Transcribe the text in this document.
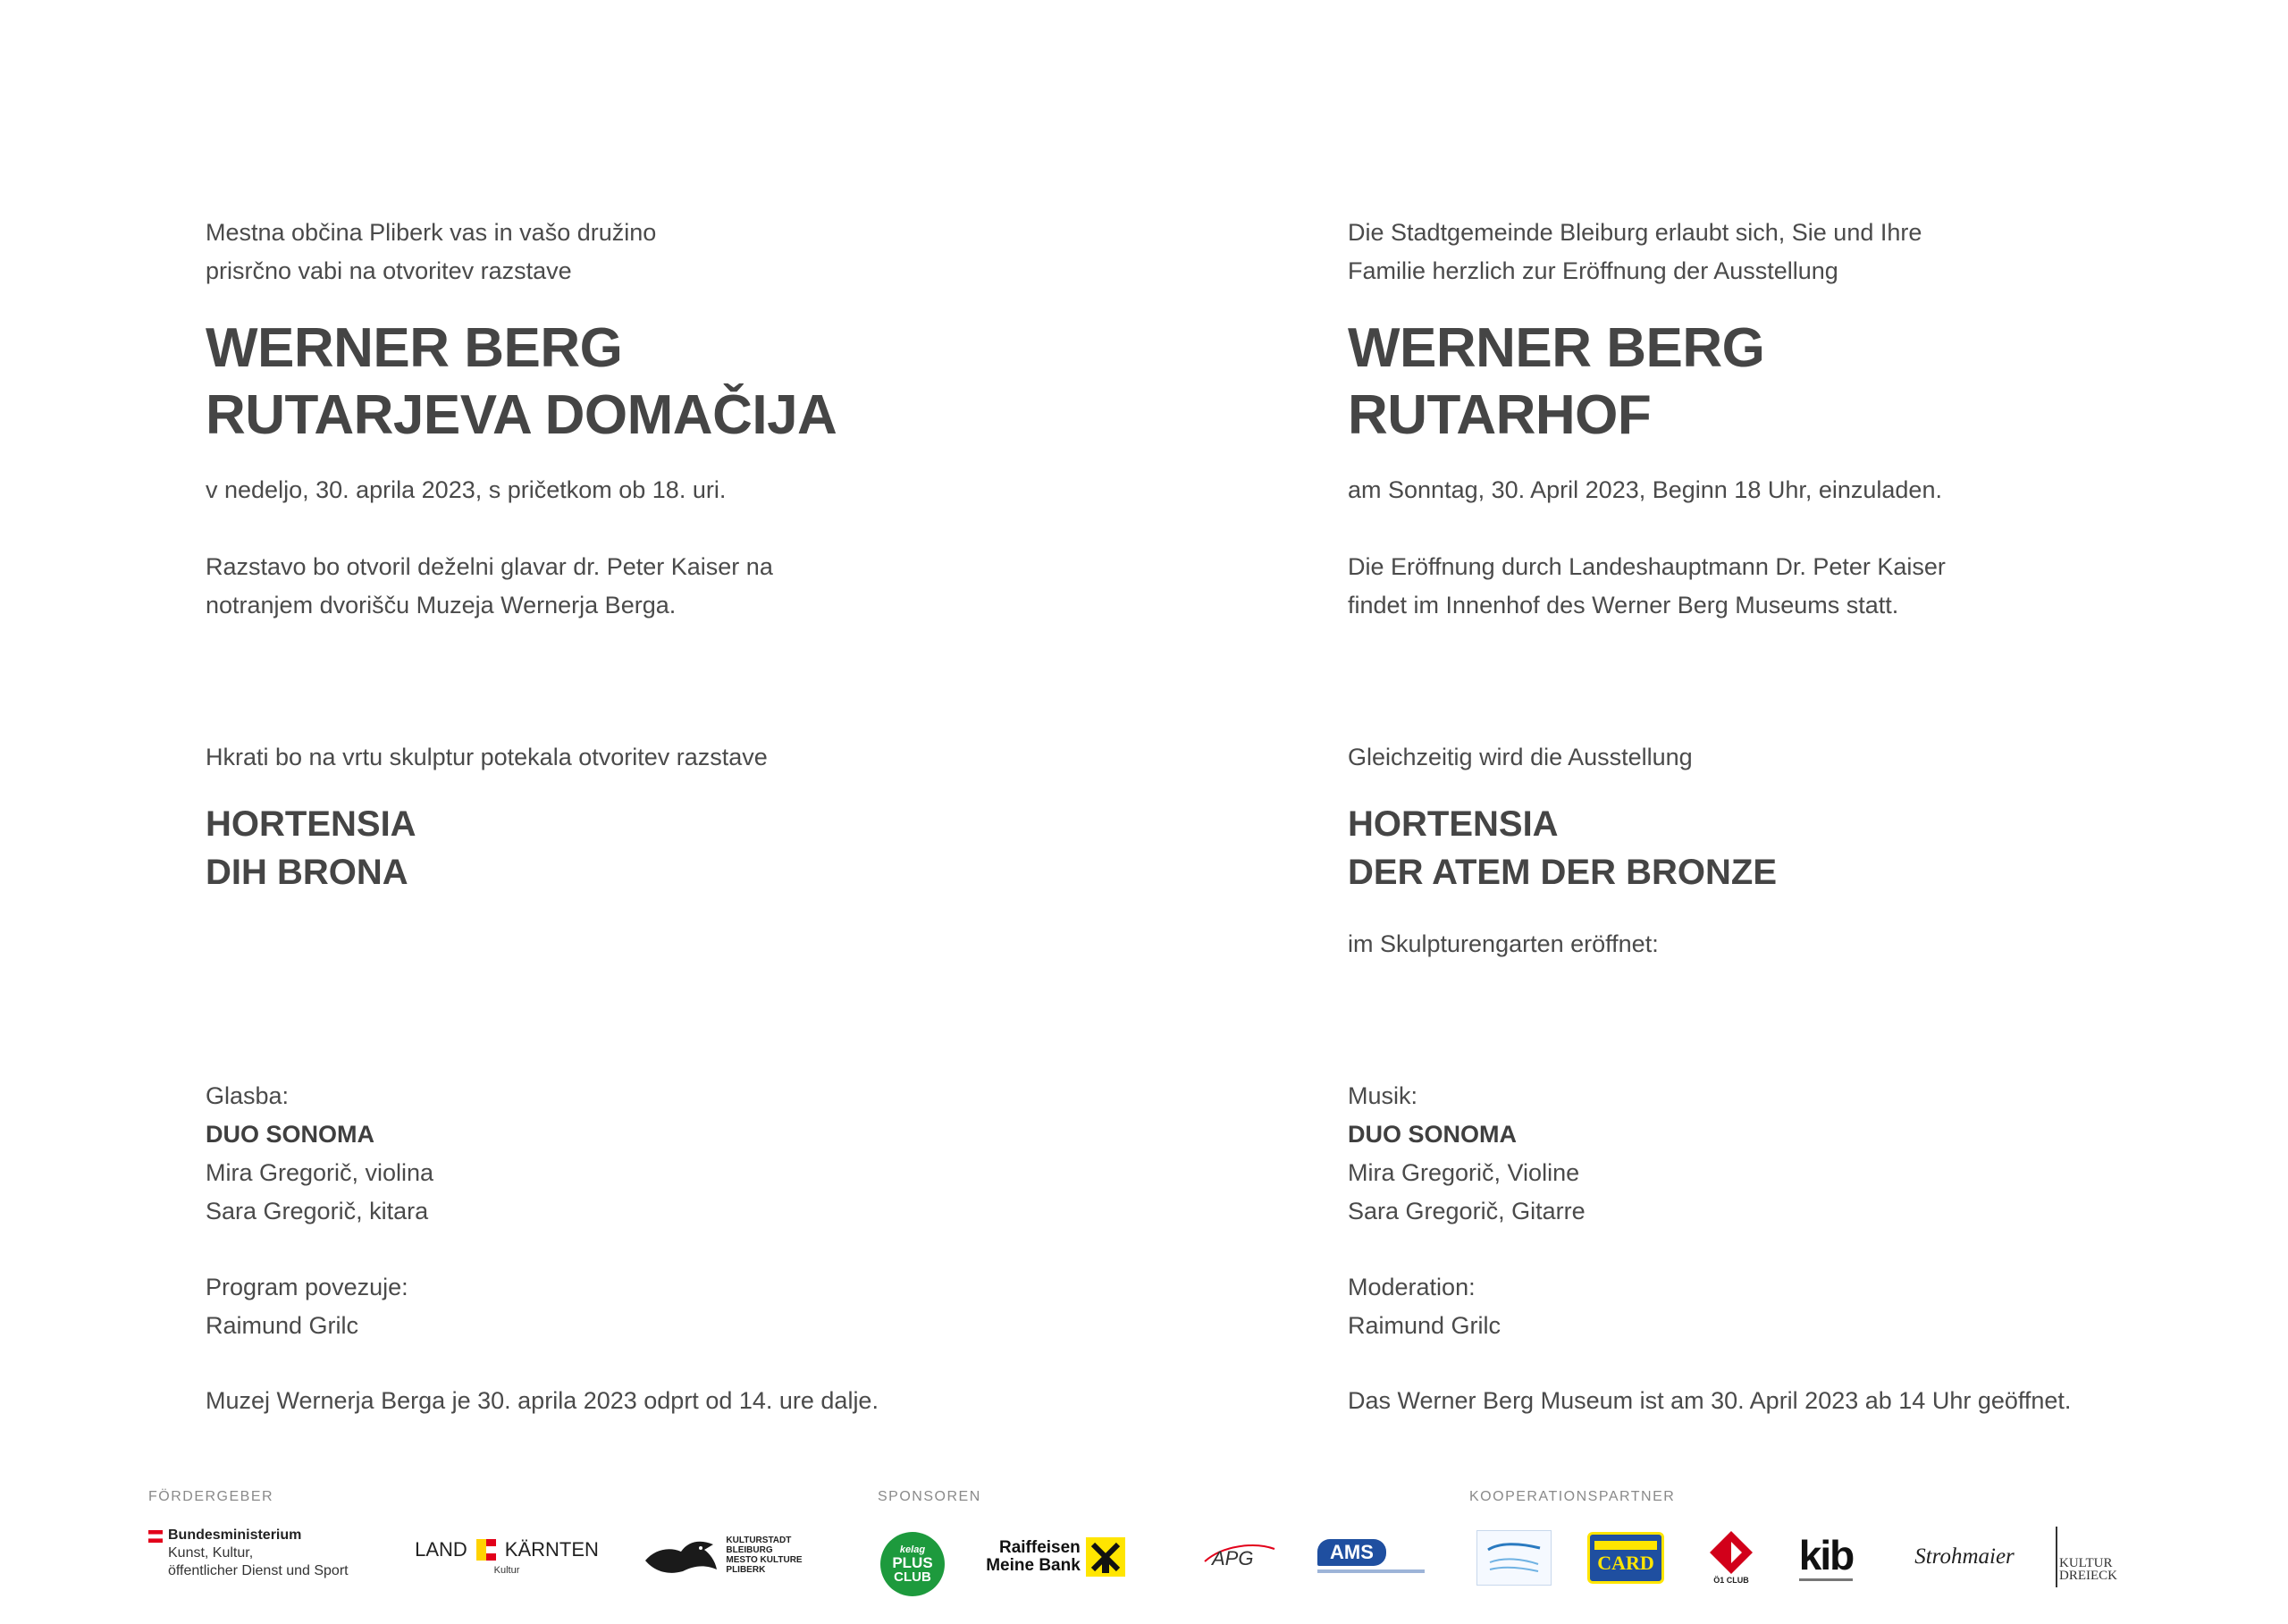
Mestna občina Pliberk vas in vašo družino
prisrčno vabi na otvoritev razstave

WERNER BERG
RUTARJEVA DOMAČIJA

v nedeljo, 30. aprila 2023, s pričetkom ob 18. uri.

Razstavo bo otvoril deželni glavar dr. Peter Kaiser na
notranjem dvorišču Muzeja Wernerja Berga.

Hkrati bo na vrtu skulptur potekala otvoritev razstave

HORTENSIA
DIH BRONA

Glasba:
DUO SONOMA
Mira Gregorič, violina
Sara Gregorič, kitara

Program povezuje:
Raimund Grilc

Muzej Wernerja Berga je 30. aprila 2023 odprt od 14. ure dalje.

Die Stadtgemeinde Bleiburg erlaubt sich, Sie und Ihre
Familie herzlich zur Eröffnung der Ausstellung

WERNER BERG
RUTARHOF

am Sonntag, 30. April 2023, Beginn 18 Uhr, einzuladen.

Die Eröffnung durch Landeshauptmann Dr. Peter Kaiser
findet im Innenhof des Werner Berg Museums statt.

Gleichzeitig wird die Ausstellung

HORTENSIA
DER ATEM DER BRONZE

im Skulpturengarten eröffnet:

Musik:
DUO SONOMA
Mira Gregorič, Violine
Sara Gregorič, Gitarre

Moderation:
Raimund Grilc

Das Werner Berg Museum ist am 30. April 2023 ab 14 Uhr geöffnet.

FÖRDERGEBER	SPONSOREN	KOOPERATIONSPARTNER
Bundesministerium
Kunst, Kultur,
öffentlicher Dienst und Sport
LAND KÄRNTEN
Kultur
KULTURSTADT
BLEIBURG
MESTO KULTURE
PLIBERK
kelag
PLUS
CLUB
Raiffeisen
Meine Bank	APG	AMS	CARD
Ö1 CLUB
kib	Strohmaier	KULTUR
DREIECK
